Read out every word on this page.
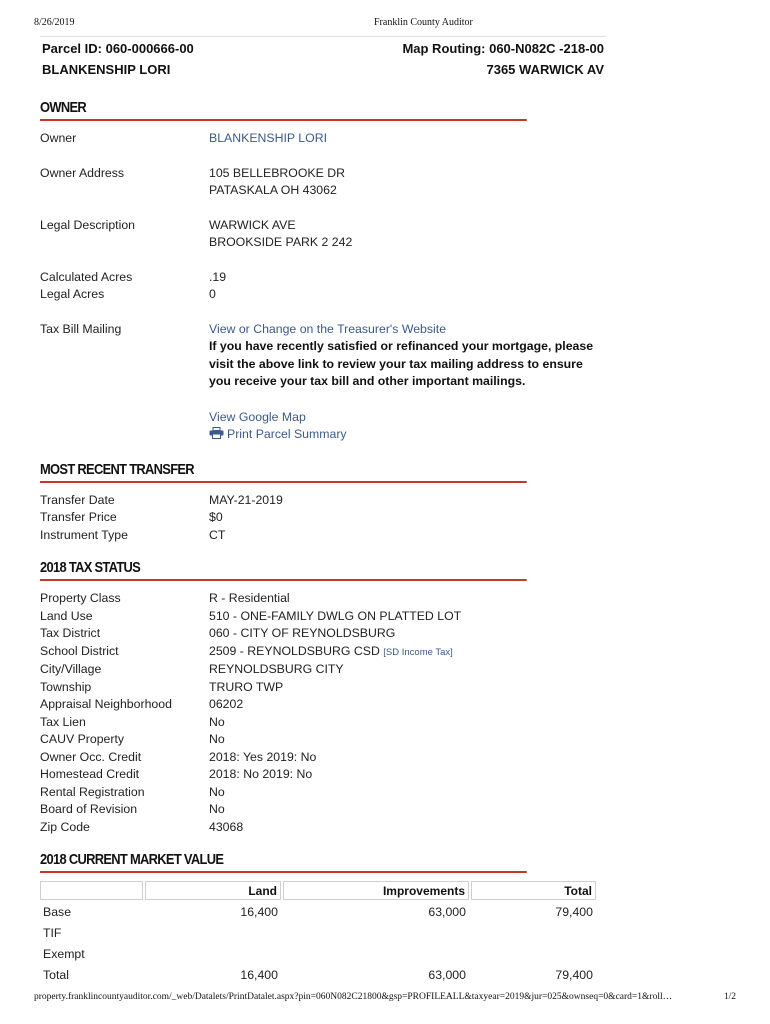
8/26/2019	Franklin County Auditor
Parcel ID: 060-000666-00
BLANKENSHIP LORI
Map Routing: 060-N082C -218-00
7365 WARWICK AV
OWNER
Owner	BLANKENSHIP LORI
Owner Address	105 BELLEBROOKE DR
PATASKALA OH 43062
Legal Description	WARWICK AVE
BROOKSIDE PARK 2 242
Calculated Acres	.19
Legal Acres	0
Tax Bill Mailing	View or Change on the Treasurer's Website
If you have recently satisfied or refinanced your mortgage, please visit the above link to review your tax mailing address to ensure you receive your tax bill and other important mailings.
View Google Map
Print Parcel Summary
MOST RECENT TRANSFER
Transfer Date	MAY-21-2019
Transfer Price	$0
Instrument Type	CT
2018 TAX STATUS
Property Class	R - Residential
Land Use	510 - ONE-FAMILY DWLG ON PLATTED LOT
Tax District	060 - CITY OF REYNOLDSBURG
School District	2509 - REYNOLDSBURG CSD [SD Income Tax]
City/Village	REYNOLDSBURG CITY
Township	TRURO TWP
Appraisal Neighborhood	06202
Tax Lien	No
CAUV Property	No
Owner Occ. Credit	2018: Yes 2019: No
Homestead Credit	2018: No 2019: No
Rental Registration	No
Board of Revision	No
Zip Code	43068
2018 CURRENT MARKET VALUE
	Land	Improvements	Total
Base	16,400	63,000	79,400
TIF			
Exempt			
Total	16,400	63,000	79,400
property.franklincountyauditor.com/_web/Datalets/PrintDatalet.aspx?pin=060N082C21800&gsp=PROFILEALL&taxyear=2019&jur=025&ownseq=0&card=1&roll…	1/2
